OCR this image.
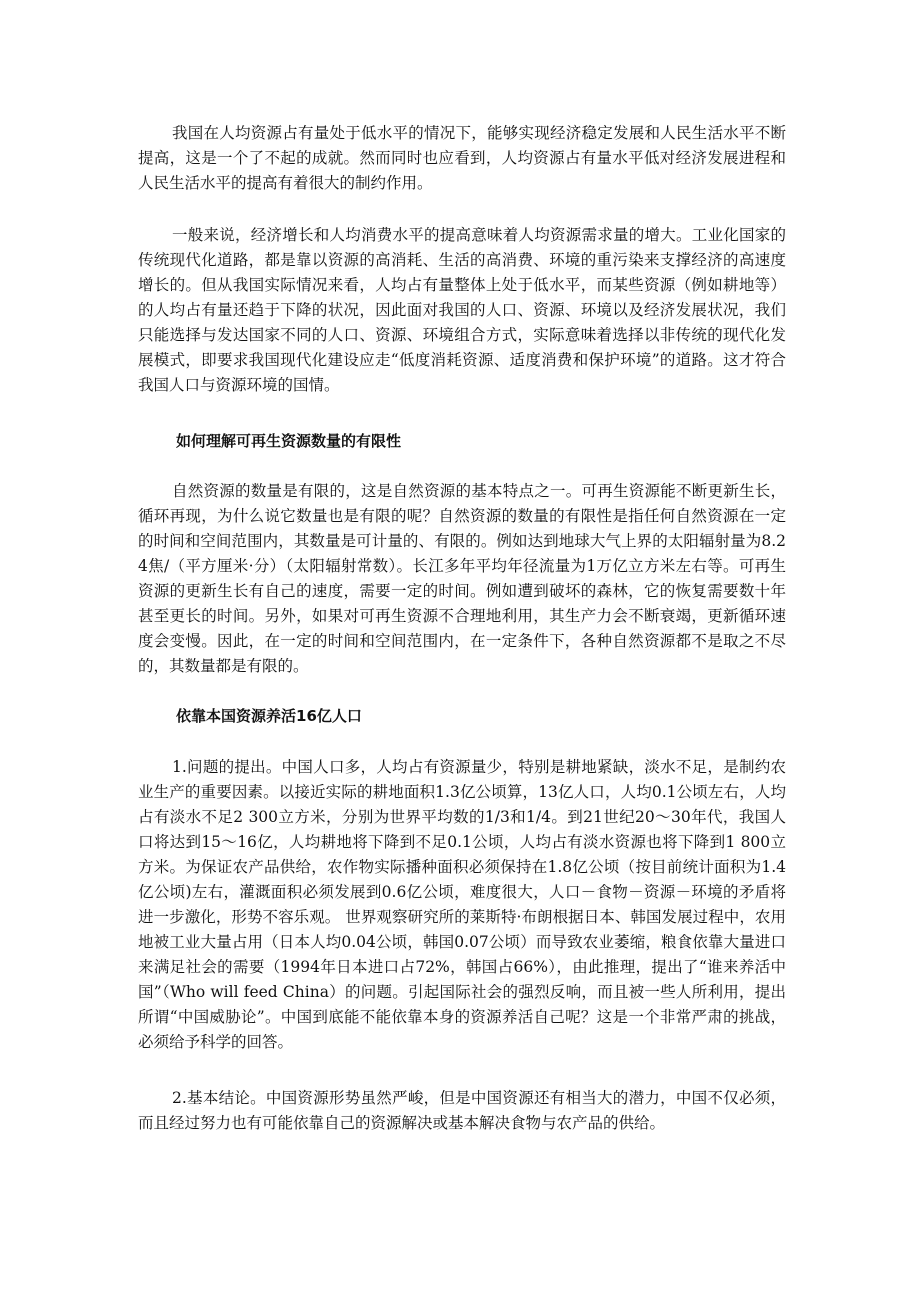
我国在人均资源占有量处于低水平的情况下，能够实现经济稳定发展和人民生活水平不断提高，这是一个了不起的成就。然而同时也应看到，人均资源占有量水平低对经济发展进程和人民生活水平的提高有着很大的制约作用。

一般来说，经济增长和人均消费水平的提高意味着人均资源需求量的增大。工业化国家的传统现代化道路，都是靠以资源的高消耗、生活的高消费、环境的重污染来支撑经济的高速度增长的。但从我国实际情况来看，人均占有量整体上处于低水平，而某些资源（例如耕地等）的人均占有量还趋于下降的状况，因此面对我国的人口、资源、环境以及经济发展状况，我们只能选择与发达国家不同的人口、资源、环境组合方式，实际意味着选择以非传统的现代化发展模式，即要求我国现代化建设应走“低度消耗资源、适度消费和保护环境”的道路。这才符合我国人口与资源环境的国情。

如何理解可再生资源数量的有限性

自然资源的数量是有限的，这是自然资源的基本特点之一。可再生资源能不断更新生长，循环再现，为什么说它数量也是有限的呢？自然资源的数量的有限性是指任何自然资源在一定的时间和空间范围内，其数量是可计量的、有限的。例如达到地球大气上界的太阳辐射量为8.24焦/（平方厘米·分）（太阳辐射常数）。长江多年平均年径流量为1万亿立方米左右等。可再生资源的更新生长有自己的速度，需要一定的时间。例如遭到破坏的森林，它的恢复需要数十年甚至更长的时间。另外，如果对可再生资源不合理地利用，其生产力会不断衰竭，更新循环速度会变慢。因此，在一定的时间和空间范围内，在一定条件下，各种自然资源都不是取之不尽的，其数量都是有限的。

依靠本国资源养活16亿人口

1.问题的提出。中国人口多，人均占有资源量少，特别是耕地紧缺，淡水不足，是制约农业生产的重要因素。以接近实际的耕地面积1.3亿公顷算，13亿人口，人均0.1公顷左右，人均占有淡水不足2 300立方米，分别为世界平均数的1/3和1/4。到21世纪20～30年代，我国人口将达到15～16亿，人均耕地将下降到不足0.1公顷，人均占有淡水资源也将下降到1 800立方米。为保证农产品供给，农作物实际播种面积必须保持在1.8亿公顷（按目前统计面积为1.4亿公顷)左右，灌溉面积必须发展到0.6亿公顷，难度很大，人口－食物－资源－环境的矛盾将进一步激化，形势不容乐观。 世界观察研究所的莱斯特·布朗根据日本、韩国发展过程中，农用地被工业大量占用（日本人均0.04公顷，韩国0.07公顷）而导致农业萎缩，粮食依靠大量进口来满足社会的需要（1994年日本进口占72%，韩国占66%），由此推理，提出了“谁来养活中国”（Who will feed China）的问题。引起国际社会的强烈反响，而且被一些人所利用，提出所谓“中国威胁论”。中国到底能不能依靠本身的资源养活自己呢？这是一个非常严肃的挑战，必须给予科学的回答。

2.基本结论。中国资源形势虽然严峻，但是中国资源还有相当大的潜力，中国不仅必须，而且经过努力也有可能依靠自己的资源解决或基本解决食物与农产品的供给。
